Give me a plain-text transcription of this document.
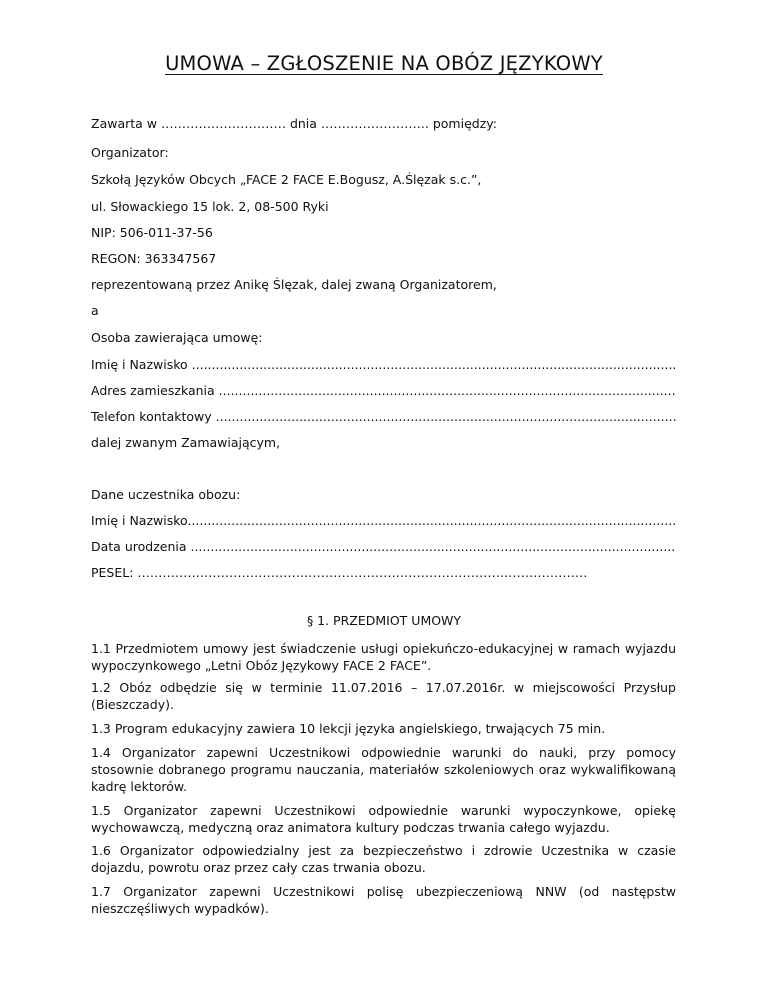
UMOWA – ZGŁOSZENIE NA OBÓZ JĘZYKOWY
Zawarta w ………………………… dnia …………………….. pomiędzy:
Organizator:
Szkołą Języków Obcych „FACE 2 FACE E.Bogusz, A.Ślęzak s.c.”,
ul. Słowackiego 15 lok. 2, 08-500 Ryki
NIP: 506-011-37-56
REGON: 363347567
reprezentowaną przez Anikę Ślęzak, dalej zwaną Organizatorem,
a
Osoba zawierająca umowę:
Imię i Nazwisko .....
Adres zamieszkania .....
Telefon kontaktowy .....
dalej zwanym Zamawiającym,
Dane uczestnika obozu:
Imię i Nazwisko .....
Data urodzenia .....
PESEL: ………………………………………………………………………………………………
§ 1. PRZEDMIOT UMOWY
1.1 Przedmiotem umowy jest świadczenie usługi opiekuńczo-edukacyjnej w ramach wyjazdu wypoczynkowego „Letni Obóz Językowy FACE 2 FACE”.
1.2 Obóz odbędzie się w terminie 11.07.2016 – 17.07.2016r. w miejscowości Przysłup (Bieszczady).
1.3 Program edukacyjny zawiera 10 lekcji języka angielskiego, trwających 75 min.
1.4 Organizator zapewni Uczestnikowi odpowiednie warunki do nauki, przy pomocy stosownie dobranego programu nauczania, materiałów szkoleniowych oraz wykwalifikowaną kadrę lektorów.
1.5 Organizator zapewni Uczestnikowi odpowiednie warunki wypoczynkowe, opiekę wychowawczą, medyczną oraz animatora kultury podczas trwania całego wyjazdu.
1.6 Organizator odpowiedzialny jest za bezpieczeństwo i zdrowie Uczestnika w czasie dojazdu, powrotu oraz przez cały czas trwania obozu.
1.7 Organizator zapewni Uczestnikowi polisę ubezpieczeniową NNW (od następstw nieszczęśliwych wypadków).
